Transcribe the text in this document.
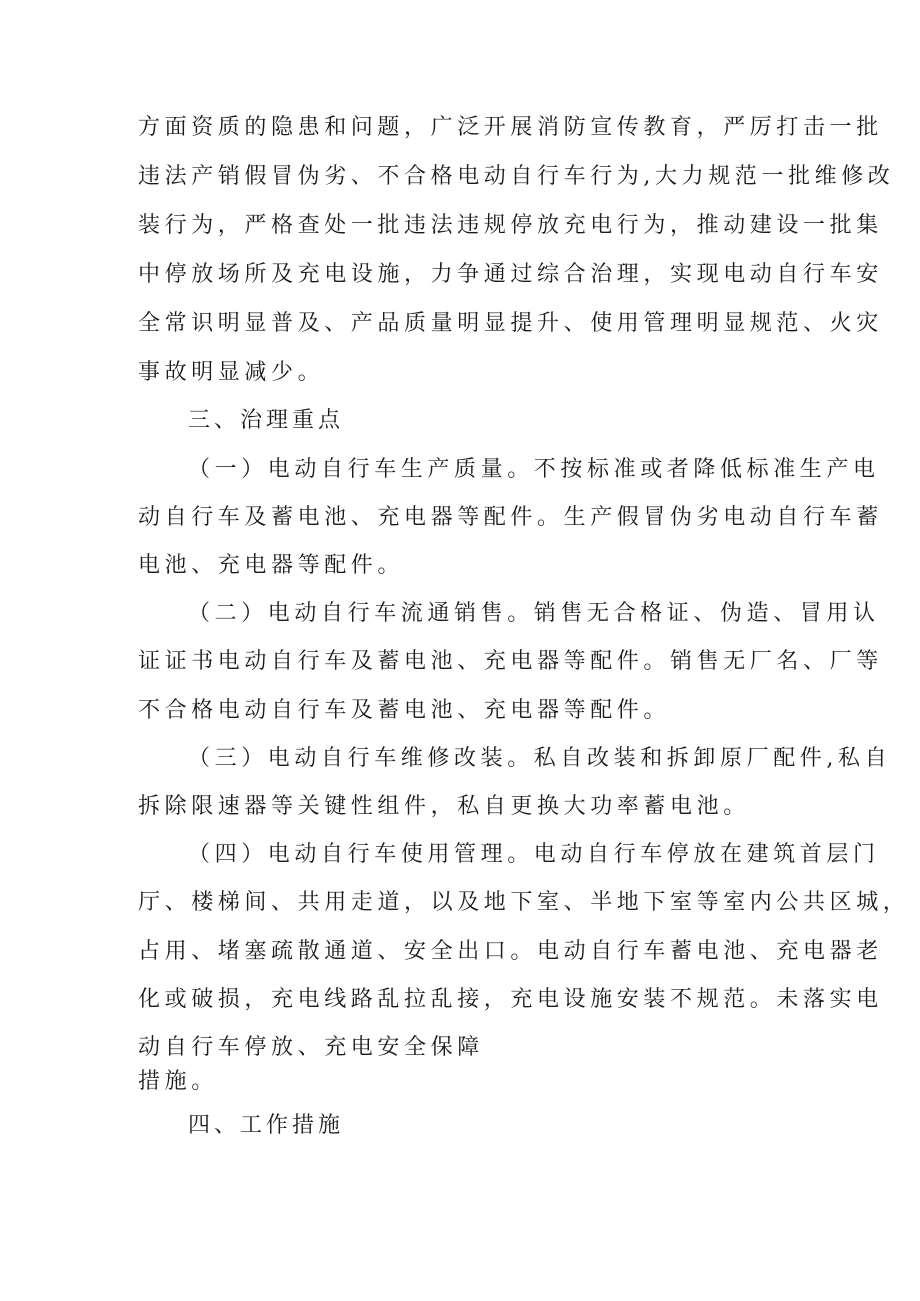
方面资质的隐患和问题，广泛开展消防宣传教育，严厉打击一批
违法产销假冒伪劣、不合格电动自行车行为,大力规范一批维修改
装行为，严格查处一批违法违规停放充电行为，推动建设一批集
中停放场所及充电设施，力争通过综合治理，实现电动自行车安
全常识明显普及、产品质量明显提升、使用管理明显规范、火灾
事故明显减少。
三、治理重点
（一）电动自行车生产质量。不按标准或者降低标准生产电
动自行车及蓄电池、充电器等配件。生产假冒伪劣电动自行车蓄
电池、充电器等配件。
（二）电动自行车流通销售。销售无合格证、伪造、冒用认
证证书电动自行车及蓄电池、充电器等配件。销售无厂名、厂等
不合格电动自行车及蓄电池、充电器等配件。
（三）电动自行车维修改装。私自改装和拆卸原厂配件,私自
拆除限速器等关键性组件，私自更换大功率蓄电池。
（四）电动自行车使用管理。电动自行车停放在建筑首层门
厅、楼梯间、共用走道，以及地下室、半地下室等室内公共区城，
占用、堵塞疏散通道、安全出口。电动自行车蓄电池、充电器老
化或破损，充电线路乱拉乱接，充电设施安装不规范。未落实电
动自行车停放、充电安全保障
措施。
四、工作措施
